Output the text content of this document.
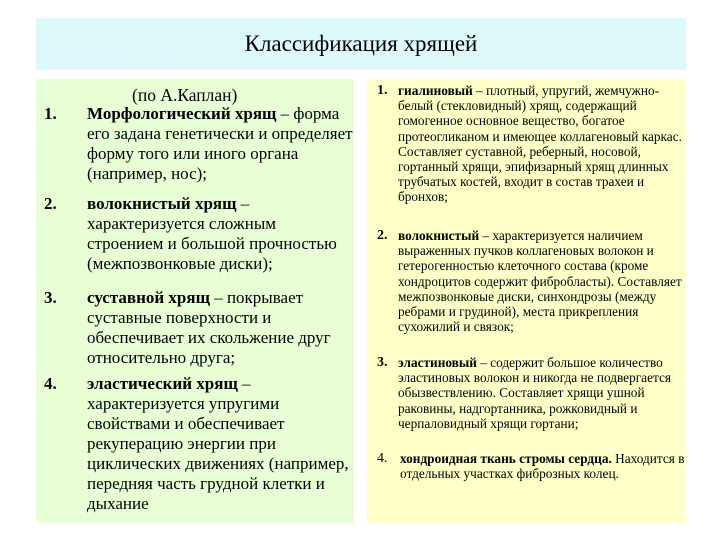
Классификация хрящей
(по А.Каплан)
1. Морфологический хрящ – форма его задана генетически и определяет форму того или иного органа (например, нос);
2. волокнистый хрящ – характеризуется сложным строением и большой прочностью (межпозвонковые диски);
3. суставной хрящ – покрывает суставные поверхности и обеспечивает их скольжение друг относительно друга;
4. эластический хрящ – характеризуется упругими свойствами и обеспечивает рекуперацию энергии при циклических движениях (например, передняя часть грудной клетки и дыхание
1. гиалиновый – плотный, упругий, жемчужно-белый (стекловидный) хрящ, содержащий гомогенное основное вещество, богатое протеогликаном и имеющее коллагеновый каркас. Составляет суставной, реберный, носовой, гортанный хрящи, эпифизарный хрящ длинных трубчатых костей, входит в состав трахеи и бронхов;
2. волокнистый – характеризуется наличием выраженных пучков коллагеновых волокон и гетерогенностью клеточного состава (кроме хондроцитов содержит фибробласты). Составляет межпозвонковые диски, синхондрозы (между ребрами и грудиной), места прикрепления сухожилий и связок;
3. эластиновый – содержит большое количество эластиновых волокон и никогда не подвергается обызвествлению. Составляет хрящи ушной раковины, надгортанника, рожковидный и черпаловидный хрящи гортани;
4. хондроидная ткань стромы сердца. Находится в отдельных участках фиброзных колец.
